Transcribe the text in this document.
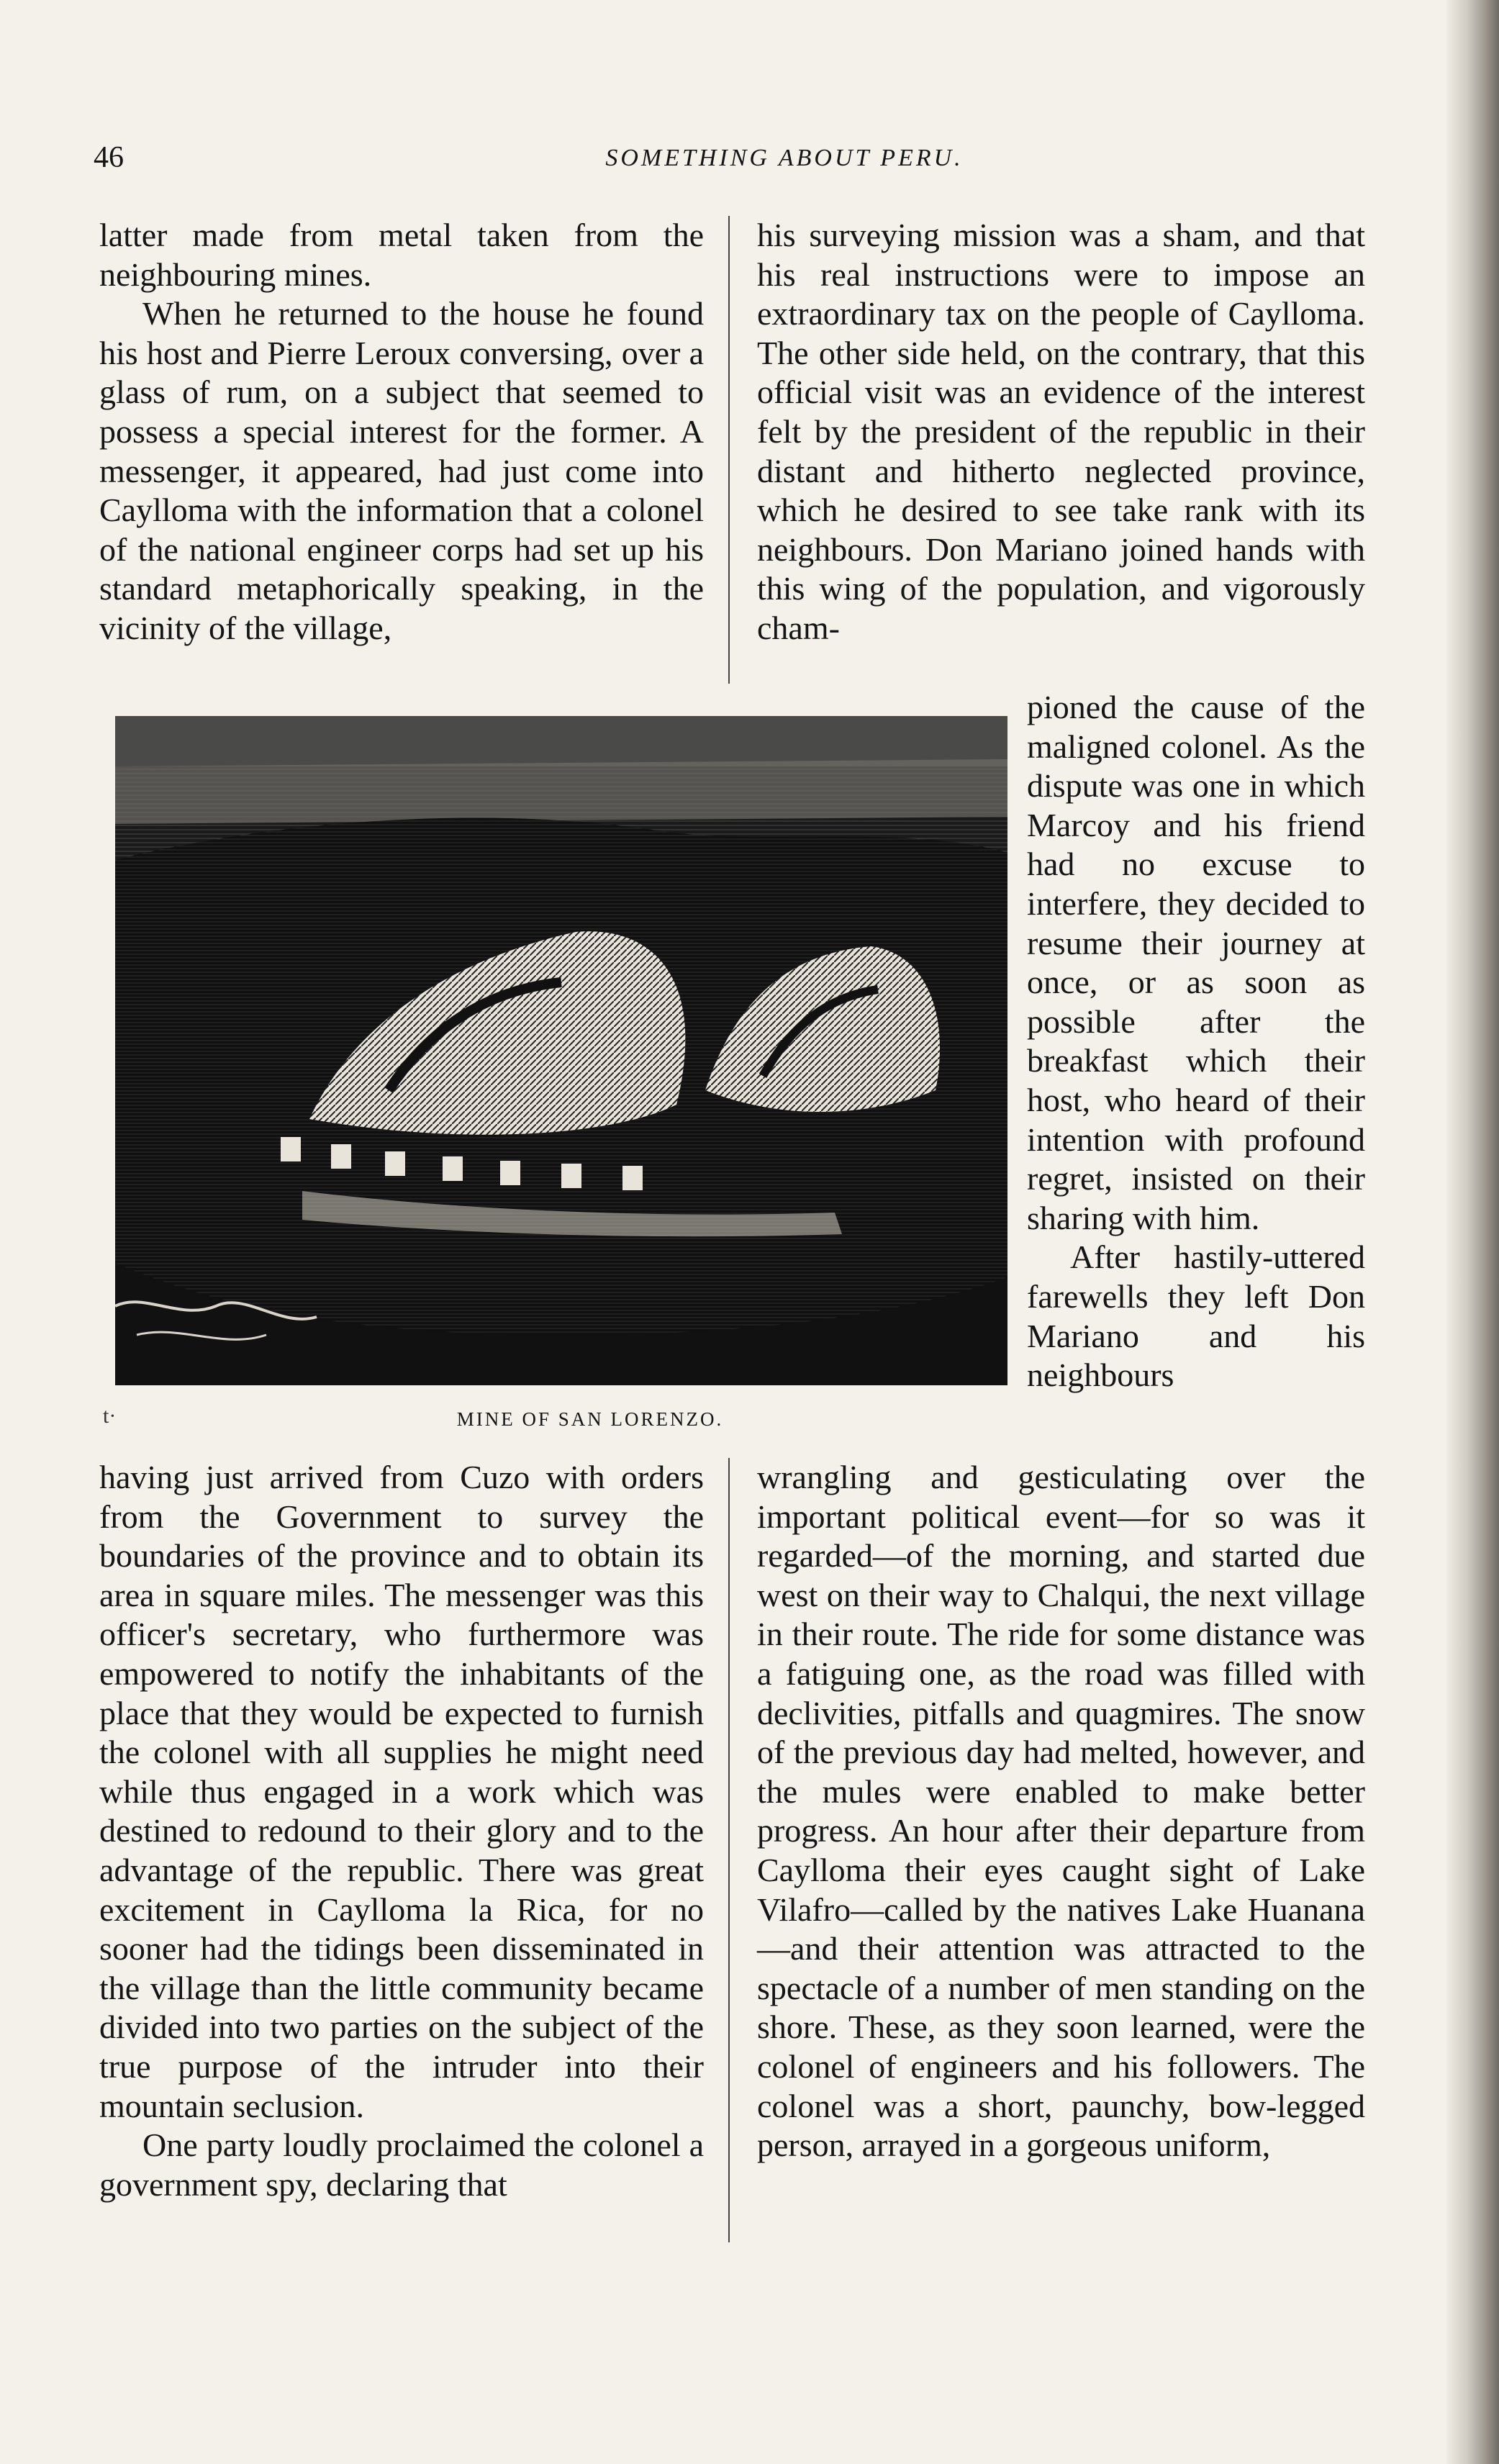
46	SOMETHING ABOUT PERU.

latter made from metal taken from the neighbouring mines.

When he returned to the house he found his host and Pierre Leroux conversing, over a glass of rum, on a subject that seemed to possess a special interest for the former. A messenger, it appeared, had just come into Caylloma with the information that a colonel of the national engineer corps had set up his standard metaphorically speaking, in the vicinity of the village,

his surveying mission was a sham, and that his real instructions were to impose an extraordinary tax on the people of Caylloma. The other side held, on the contrary, that this official visit was an evidence of the interest felt by the president of the republic in their distant and hitherto neglected province, which he desired to see take rank with its neighbours. Don Mariano joined hands with this wing of the population, and vigorously cham-

pioned the cause of the maligned colonel. As the dispute was one in which Marcoy and his friend had no excuse to interfere, they decided to resume their journey at once, or as soon as possible after the breakfast which their host, who heard of their intention with profound regret, insisted on their sharing with him.

After hastily-uttered farewells they left Don Mariano and his neighbours

t·	MINE OF SAN LORENZO.

having just arrived from Cuzo with orders from the Government to survey the boundaries of the province and to obtain its area in square miles. The messenger was this officer's secretary, who furthermore was empowered to notify the inhabitants of the place that they would be expected to furnish the colonel with all supplies he might need while thus engaged in a work which was destined to redound to their glory and to the advantage of the republic. There was great excitement in Caylloma la Rica, for no sooner had the tidings been disseminated in the village than the little community became divided into two parties on the subject of the true purpose of the intruder into their mountain seclusion.

One party loudly proclaimed the colonel a government spy, declaring that

wrangling and gesticulating over the important political event—for so was it regarded—of the morning, and started due west on their way to Chalqui, the next village in their route. The ride for some distance was a fatiguing one, as the road was filled with declivities, pitfalls and quagmires. The snow of the previous day had melted, however, and the mules were enabled to make better progress. An hour after their departure from Caylloma their eyes caught sight of Lake Vilafro—called by the natives Lake Huanana—and their attention was attracted to the spectacle of a number of men standing on the shore. These, as they soon learned, were the colonel of engineers and his followers. The colonel was a short, paunchy, bow-legged person, arrayed in a gorgeous uniform,
